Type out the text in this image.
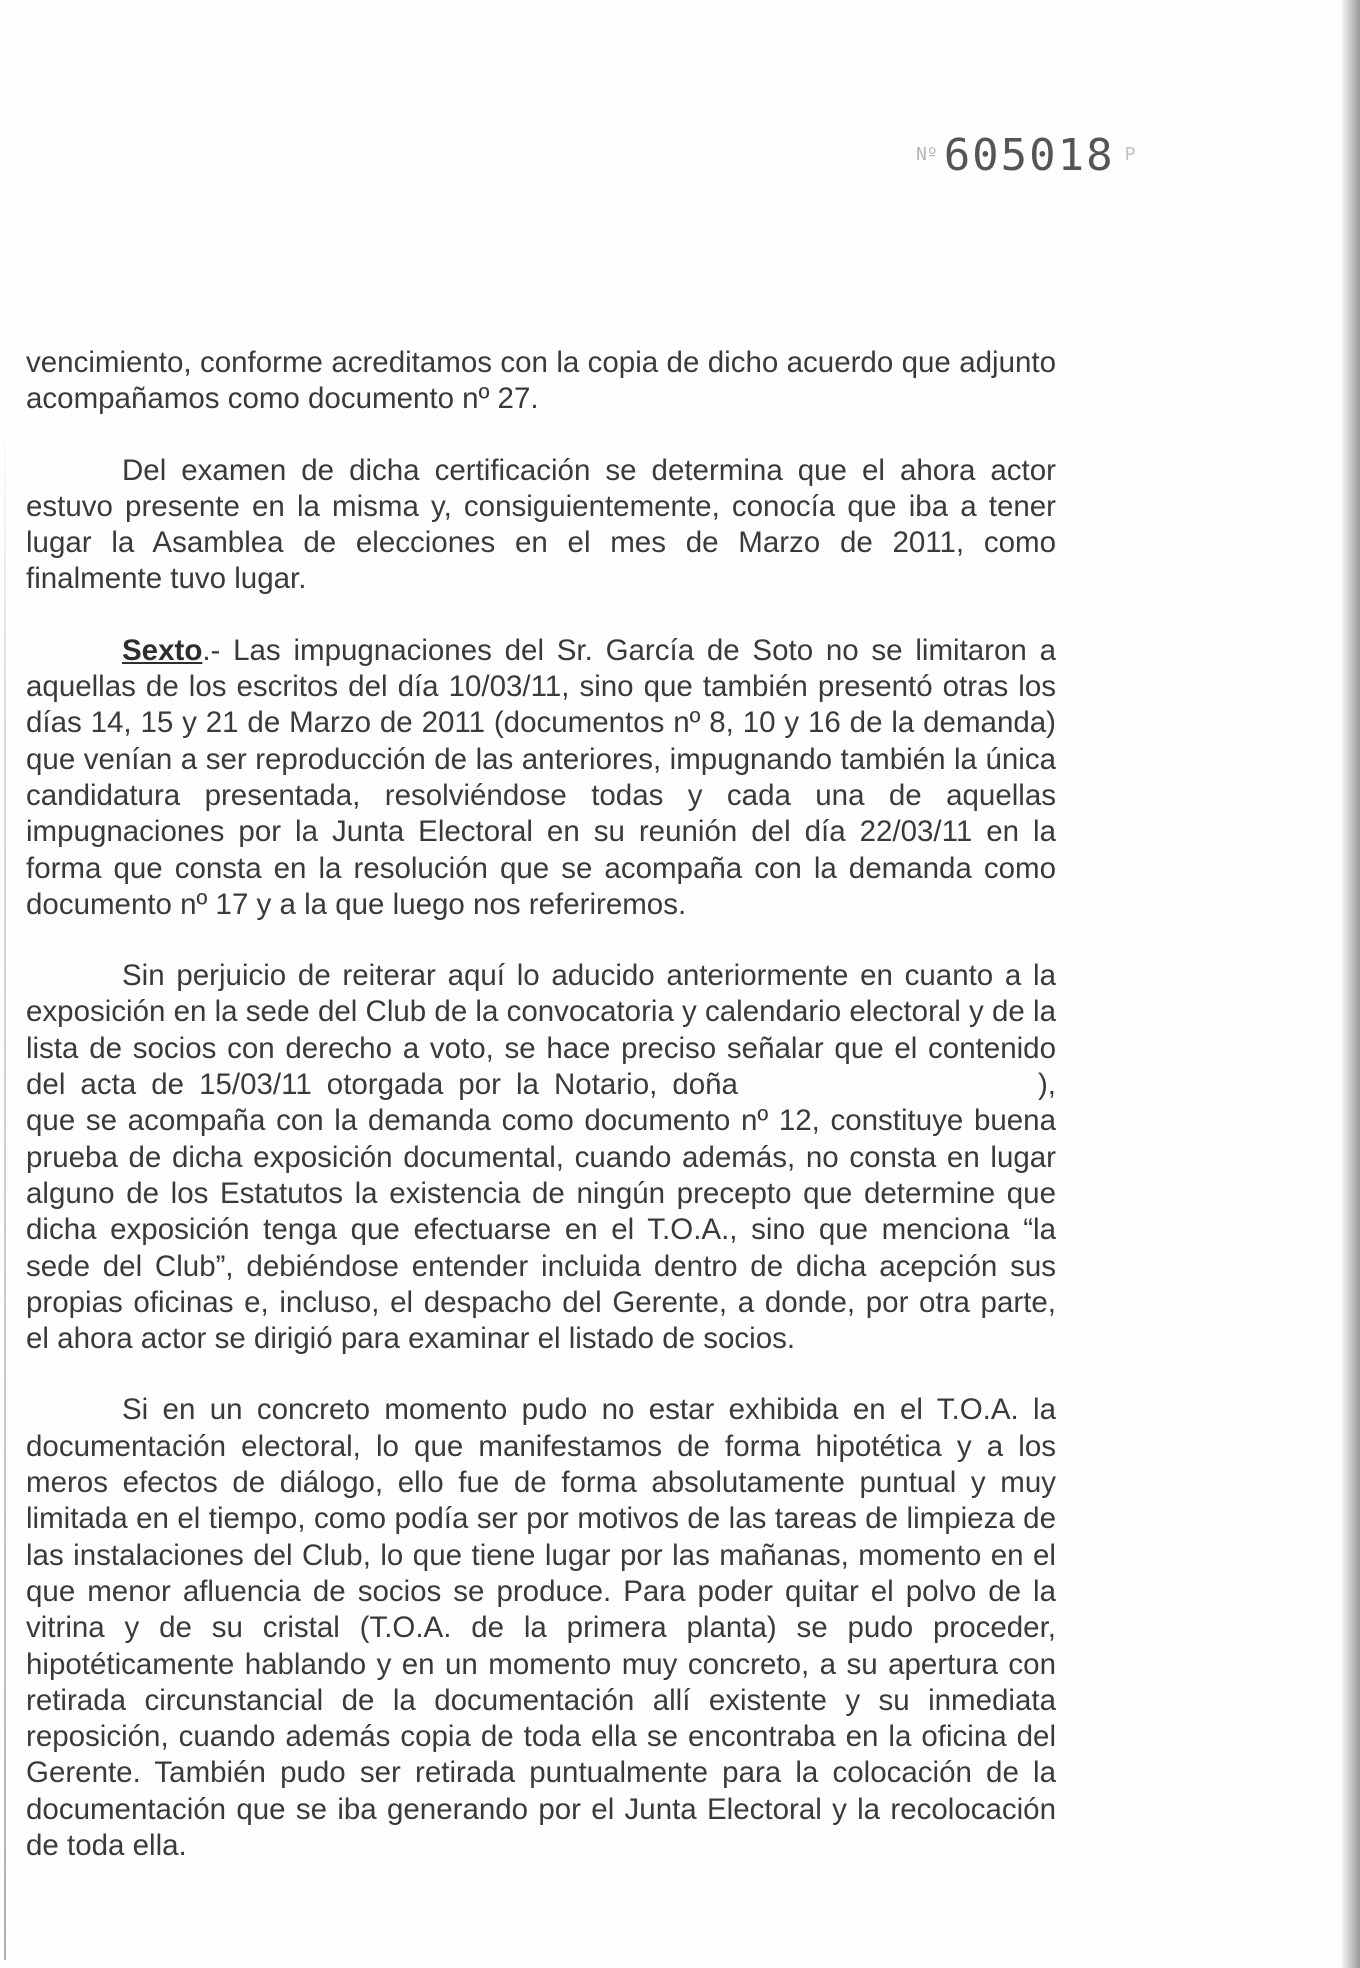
Nº 605018 P

vencimiento, conforme acreditamos con la copia de dicho acuerdo que adjunto acompañamos como documento nº 27.

Del examen de dicha certificación se determina que el ahora actor estuvo presente en la misma y, consiguientemente, conocía que iba a tener lugar la Asamblea de elecciones en el mes de Marzo de 2011, como finalmente tuvo lugar.

Sexto.- Las impugnaciones del Sr. García de Soto no se limitaron a aquellas de los escritos del día 10/03/11, sino que también presentó otras los días 14, 15 y 21 de Marzo de 2011 (documentos nº 8, 10 y 16 de la demanda) que venían a ser reproducción de las anteriores, impugnando también la única candidatura presentada, resolviéndose todas y cada una de aquellas impugnaciones por la Junta Electoral en su reunión del día 22/03/11 en la forma que consta en la resolución que se acompaña con la demanda como documento nº 17 y a la que luego nos referiremos.

Sin perjuicio de reiterar aquí lo aducido anteriormente en cuanto a la exposición en la sede del Club de la convocatoria y calendario electoral y de la lista de socios con derecho a voto, se hace preciso señalar que el contenido del acta de 15/03/11 otorgada por la Notario, doña	), que se acompaña con la demanda como documento nº 12, constituye buena prueba de dicha exposición documental, cuando además, no consta en lugar alguno de los Estatutos la existencia de ningún precepto que determine que dicha exposición tenga que efectuarse en el T.O.A., sino que menciona “la sede del Club”, debiéndose entender incluida dentro de dicha acepción sus propias oficinas e, incluso, el despacho del Gerente, a donde, por otra parte, el ahora actor se dirigió para examinar el listado de socios.

Si en un concreto momento pudo no estar exhibida en el T.O.A. la documentación electoral, lo que manifestamos de forma hipotética y a los meros efectos de diálogo, ello fue de forma absolutamente puntual y muy limitada en el tiempo, como podía ser por motivos de las tareas de limpieza de las instalaciones del Club, lo que tiene lugar por las mañanas, momento en el que menor afluencia de socios se produce. Para poder quitar el polvo de la vitrina y de su cristal (T.O.A. de la primera planta) se pudo proceder, hipotéticamente hablando y en un momento muy concreto, a su apertura con retirada circunstancial de la documentación allí existente y su inmediata reposición, cuando además copia de toda ella se encontraba en la oficina del Gerente. También pudo ser retirada puntualmente para la colocación de la documentación que se iba generando por el Junta Electoral y la recolocación de toda ella.
